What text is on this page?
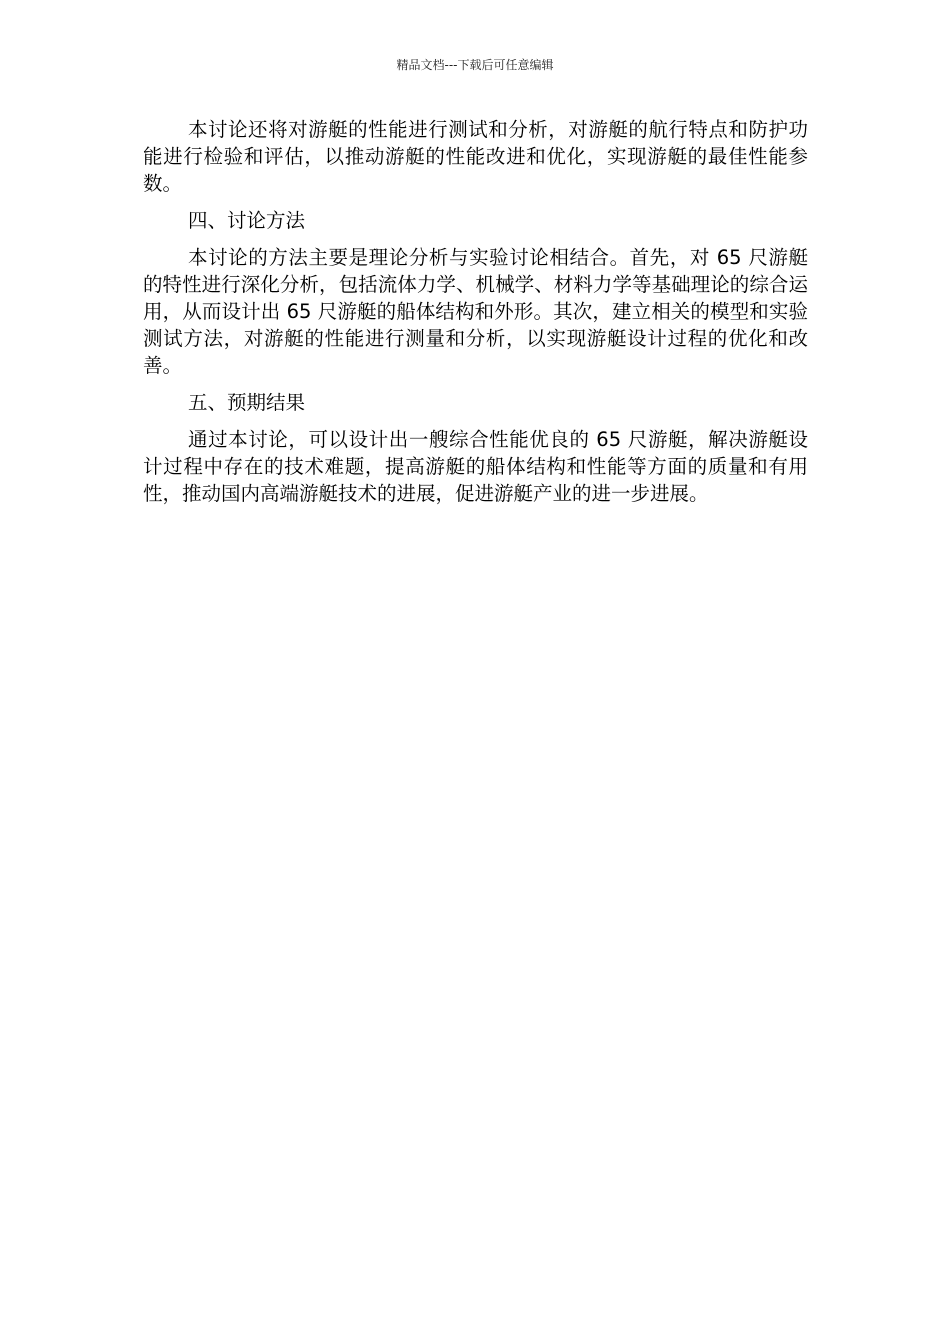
精品文档---下载后可任意编辑

本讨论还将对游艇的性能进行测试和分析，对游艇的航行特点和防护功能进行检验和评估，以推动游艇的性能改进和优化，实现游艇的最佳性能参数。

四、讨论方法

本讨论的方法主要是理论分析与实验讨论相结合。首先，对 65 尺游艇的特性进行深化分析，包括流体力学、机械学、材料力学等基础理论的综合运用，从而设计出 65 尺游艇的船体结构和外形。其次，建立相关的模型和实验测试方法，对游艇的性能进行测量和分析，以实现游艇设计过程的优化和改善。

五、预期结果

通过本讨论，可以设计出一艘综合性能优良的 65 尺游艇，解决游艇设计过程中存在的技术难题，提高游艇的船体结构和性能等方面的质量和有用性，推动国内高端游艇技术的进展，促进游艇产业的进一步进展。
